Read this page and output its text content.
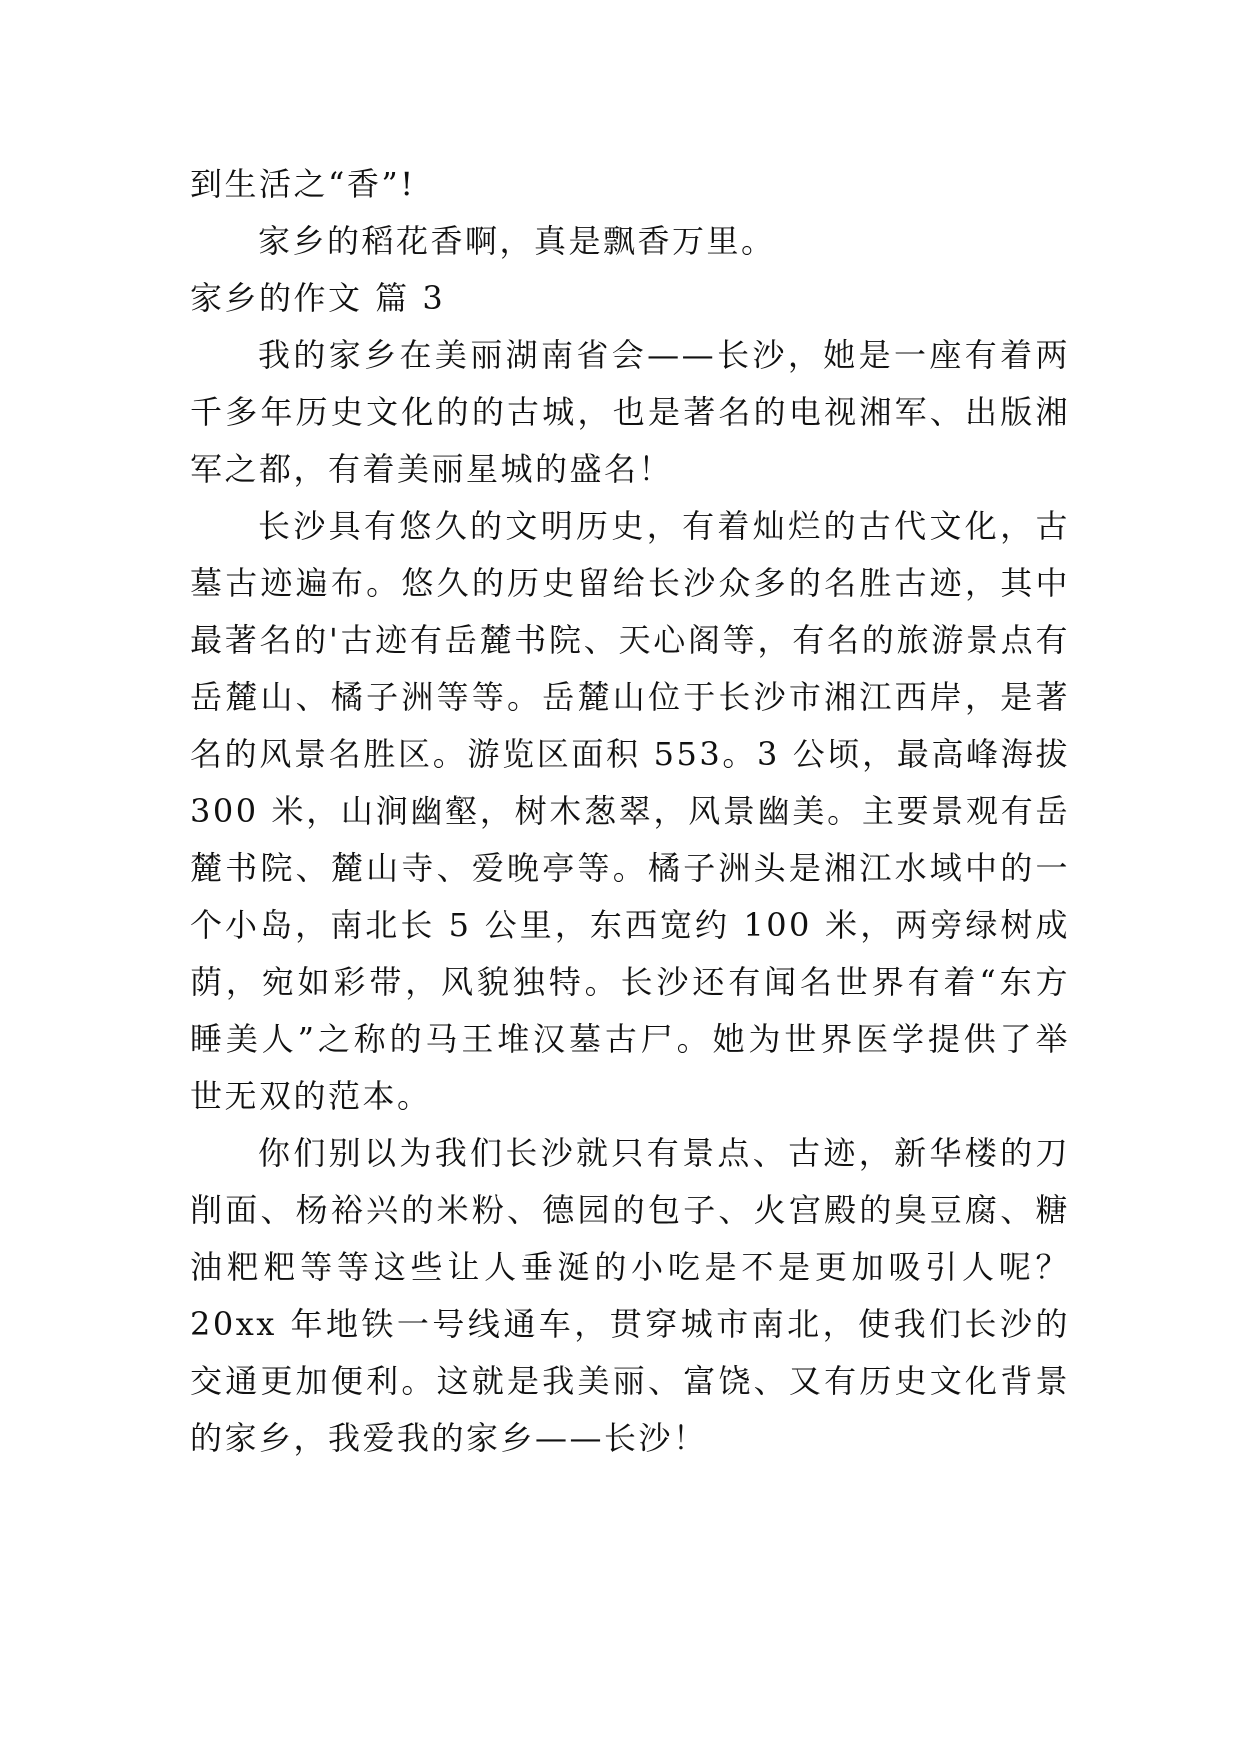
到生活之“香”!

家乡的稻花香啊，真是飘香万里。

家乡的作文 篇 3

我的家乡在美丽湖南省会——长沙，她是一座有着两千多年历史文化的的古城，也是著名的电视湘军、出版湘军之都，有着美丽星城的盛名！

长沙具有悠久的文明历史，有着灿烂的古代文化，古墓古迹遍布。悠久的历史留给长沙众多的名胜古迹，其中最著名的'古迹有岳麓书院、天心阁等，有名的旅游景点有岳麓山、橘子洲等等。岳麓山位于长沙市湘江西岸，是著名的风景名胜区。游览区面积 553。3 公顷，最高峰海拔 300 米，山涧幽壑，树木葱翠，风景幽美。主要景观有岳麓书院、麓山寺、爱晚亭等。橘子洲头是湘江水域中的一个小岛，南北长 5 公里，东西宽约 100 米，两旁绿树成荫，宛如彩带，风貌独特。长沙还有闻名世界有着“东方睡美人”之称的马王堆汉墓古尸。她为世界医学提供了举世无双的范本。

你们别以为我们长沙就只有景点、古迹，新华楼的刀削面、杨裕兴的米粉、德园的包子、火宫殿的臭豆腐、糖油粑粑等等这些让人垂涎的小吃是不是更加吸引人呢？20xx 年地铁一号线通车，贯穿城市南北，使我们长沙的交通更加便利。这就是我美丽、富饶、又有历史文化背景的家乡，我爱我的家乡——长沙！
